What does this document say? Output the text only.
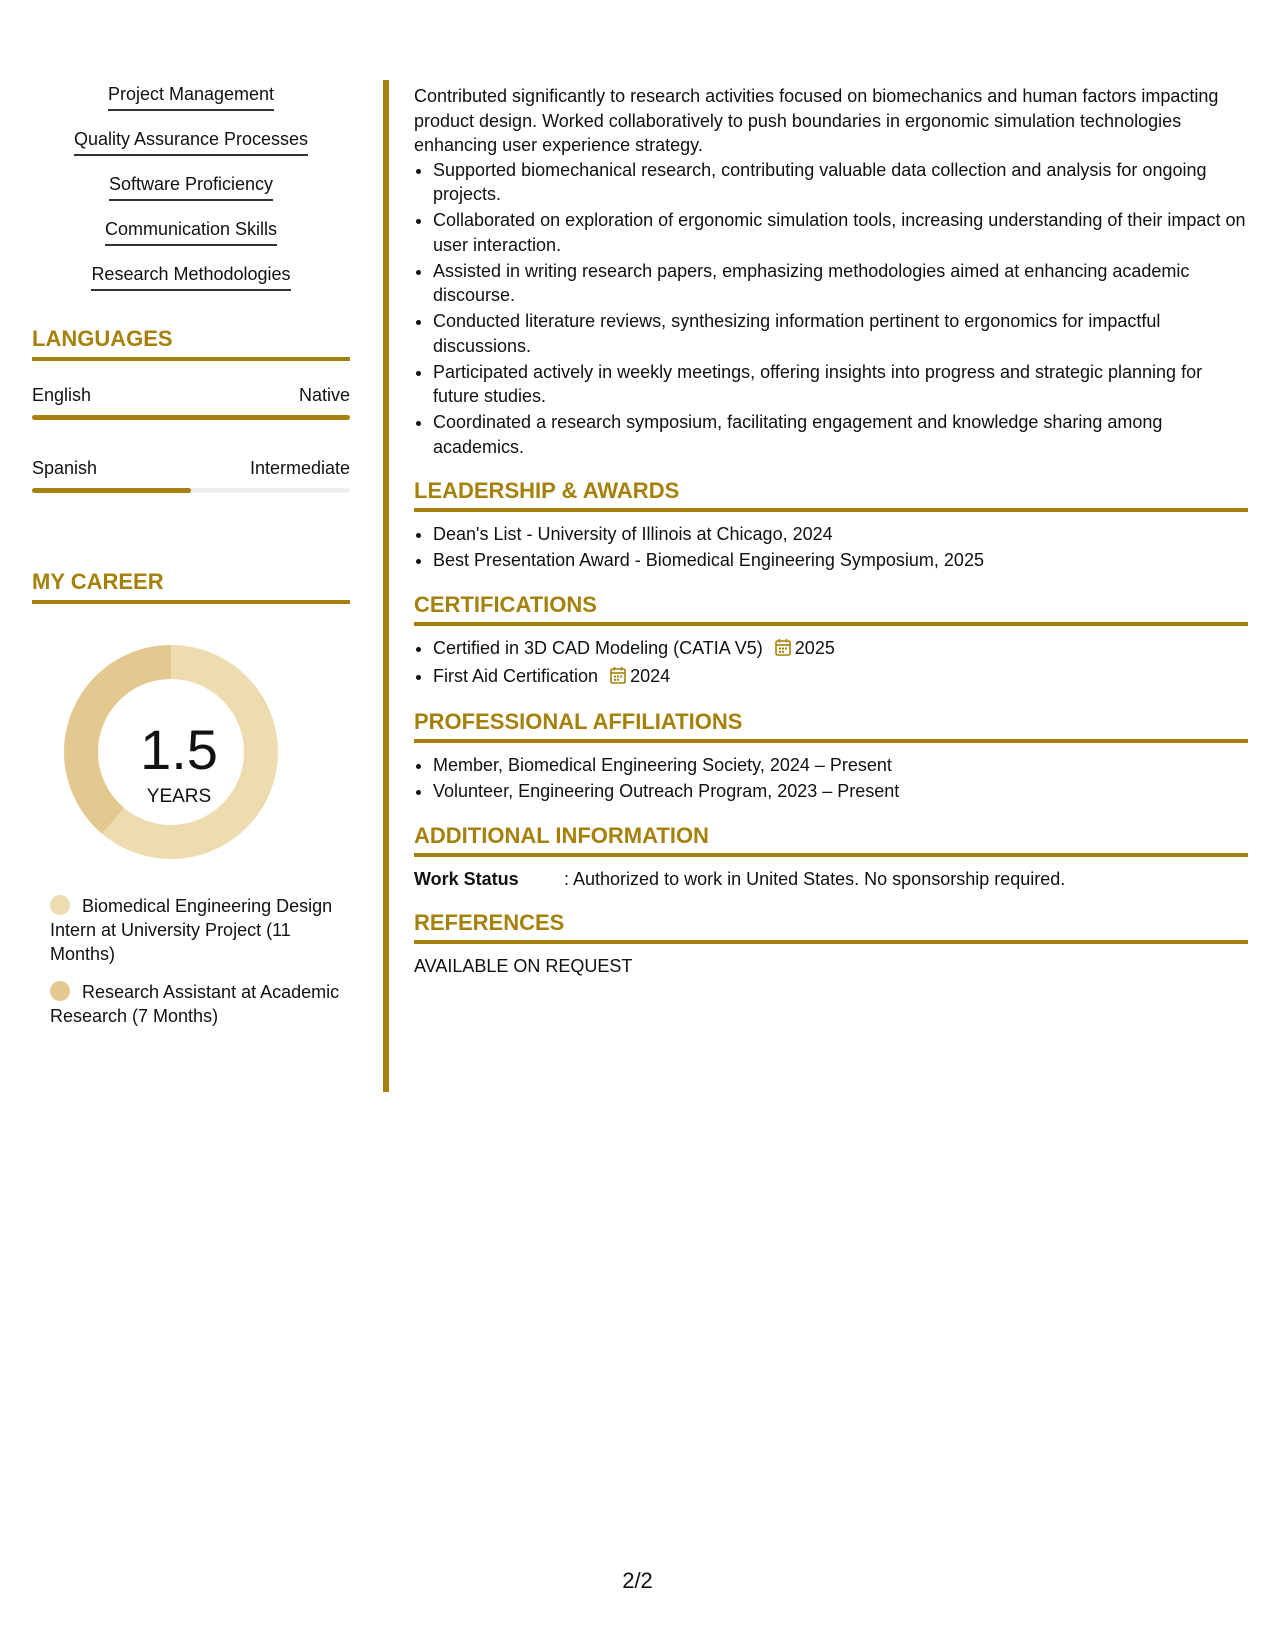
Project Management
Quality Assurance Processes
Software Proficiency
Communication Skills
Research Methodologies
LANGUAGES
English	Native
Spanish	Intermediate
MY CAREER
1.5
YEARS
Biomedical Engineering Design Intern at University Project (11 Months)
Research Assistant at Academic Research (7 Months)

Contributed significantly to research activities focused on biomechanics and human factors impacting product design. Worked collaboratively to push boundaries in ergonomic simulation technologies enhancing user experience strategy.

• Supported biomechanical research, contributing valuable data collection and analysis for ongoing projects.
• Collaborated on exploration of ergonomic simulation tools, increasing understanding of their impact on user interaction.
• Assisted in writing research papers, emphasizing methodologies aimed at enhancing academic discourse.
• Conducted literature reviews, synthesizing information pertinent to ergonomics for impactful discussions.
• Participated actively in weekly meetings, offering insights into progress and strategic planning for future studies.
• Coordinated a research symposium, facilitating engagement and knowledge sharing among academics.
LEADERSHIP & AWARDS
• Dean's List - University of Illinois at Chicago, 2024
• Best Presentation Award - Biomedical Engineering Symposium, 2025
CERTIFICATIONS
• Certified in 3D CAD Modeling (CATIA V5) 2025
• First Aid Certification 2024
PROFESSIONAL AFFILIATIONS
• Member, Biomedical Engineering Society, 2024 – Present
• Volunteer, Engineering Outreach Program, 2023 – Present
ADDITIONAL INFORMATION
Work Status	: Authorized to work in United States. No sponsorship required.
REFERENCES

AVAILABLE ON REQUEST

2/2
